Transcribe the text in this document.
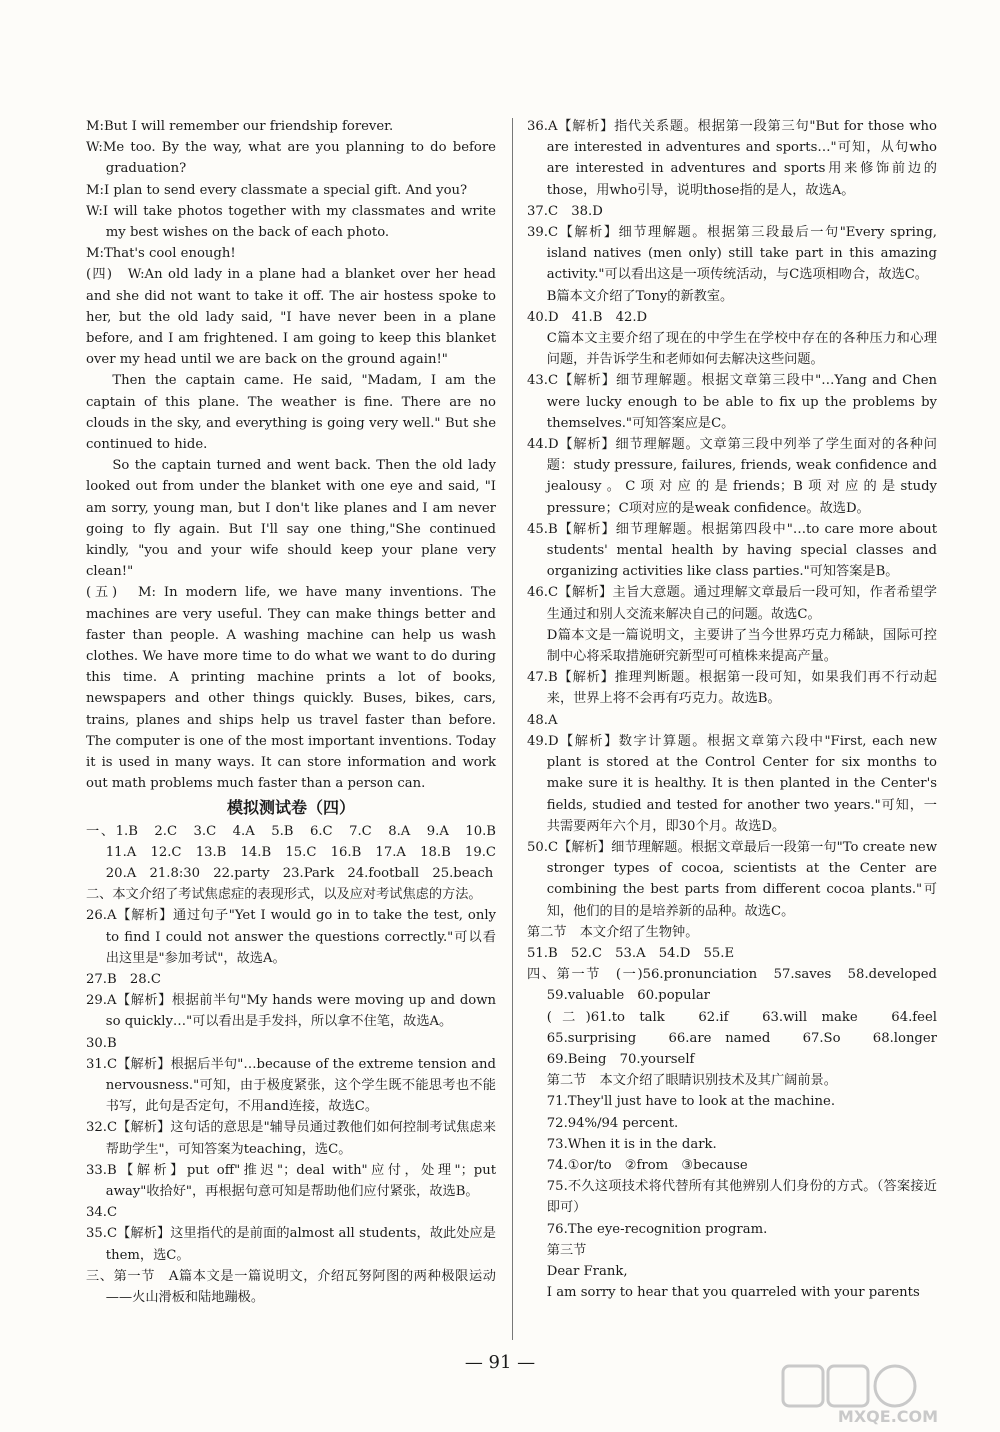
M:But I will remember our friendship forever.

W:Me too. By the way, what are you planning to do before graduation?

M:I plan to send every classmate a special gift. And you?

W:I will take photos together with my classmates and write my best wishes on the back of each photo.

M:That's cool enough!

(四)　W:An old lady in a plane had a blanket over her head and she did not want to take it off. The air hostess spoke to her, but the old lady said, "I have never been in a plane before, and I am frightened. I am going to keep this blanket over my head until we are back on the ground again!"

Then the captain came. He said, "Madam, I am the captain of this plane. The weather is fine. There are no clouds in the sky, and everything is going very well." But she continued to hide.

So the captain turned and went back. Then the old lady looked out from under the blanket with one eye and said, "I am sorry, young man, but I don't like planes and I am never going to fly again. But I'll say one thing,"She continued kindly, "you and your wife should keep your plane very clean!"

(五)　M: In modern life, we have many inventions. The machines are very useful. They can make things better and faster than people. A washing machine can help us wash clothes. We have more time to do what we want to do during this time. A printing machine prints a lot of books, newspapers and other things quickly. Buses, bikes, cars, trains, planes and ships help us travel faster than before. The computer is one of the most important inventions. Today it is used in many ways. It can store information and work out math problems much faster than a person can.

模拟测试卷（四）

一、1.B　2.C　3.C　4.A　5.B　6.C　7.C　8.A　9.A　10.B　11.A　12.C　13.B　14.B　15.C　16.B　17.A　18.B　19.C　20.A　21.8:30　22.party　23.Park　24.football　25.beach

二、本文介绍了考试焦虑症的表现形式，以及应对考试焦虑的方法。

26.A【解析】通过句子"Yet I would go in to take the test, only to find I could not answer the questions correctly."可以看出这里是"参加考试"，故选A。

27.B　28.C

29.A【解析】根据前半句"My hands were moving up and down so quickly…"可以看出是手发抖，所以拿不住笔，故选A。

30.B

31.C【解析】根据后半句"…because of the extreme tension and nervousness."可知，由于极度紧张，这个学生既不能思考也不能书写，此句是否定句，不用and连接，故选C。

32.C【解析】这句话的意思是"辅导员通过教他们如何控制考试焦虑来帮助学生"，可知答案为teaching，选C。

33.B【解析】put off"推迟"；deal with"应付，处理"；put away"收拾好"，再根据句意可知是帮助他们应付紧张，故选B。

34.C

35.C【解析】这里指代的是前面的almost all students，故此处应是them，选C。

三、第一节　A篇本文是一篇说明文，介绍瓦努阿图的两种极限运动——火山滑板和陆地蹦极。

36.A【解析】指代关系题。根据第一段第三句"But for those who are interested in adventures and sports…"可知，从句who are interested in adventures and sports用来修饰前边的those，用who引导，说明those指的是人，故选A。

37.C　38.D

39.C【解析】细节理解题。根据第三段最后一句"Every spring, island natives (men only) still take part in this amazing activity."可以看出这是一项传统活动，与C选项相吻合，故选C。

B篇本文介绍了Tony的新教室。

40.D　41.B　42.D

C篇本文主要介绍了现在的中学生在学校中存在的各种压力和心理问题，并告诉学生和老师如何去解决这些问题。

43.C【解析】细节理解题。根据文章第三段中"…Yang and Chen were lucky enough to be able to fix up the problems by themselves."可知答案应是C。

44.D【解析】细节理解题。文章第三段中列举了学生面对的各种问题：study pressure, failures, friends, weak confidence and jealousy。C项对应的是friends；B项对应的是study pressure；C项对应的是weak confidence。故选D。

45.B【解析】细节理解题。根据第四段中"…to care more about students' mental health by having special classes and organizing activities like class parties."可知答案是B。

46.C【解析】主旨大意题。通过理解文章最后一段可知，作者希望学生通过和别人交流来解决自己的问题。故选C。

D篇本文是一篇说明文，主要讲了当今世界巧克力稀缺，国际可控制中心将采取措施研究新型可可植株来提高产量。

47.B【解析】推理判断题。根据第一段可知，如果我们再不行动起来，世界上将不会再有巧克力。故选B。

48.A

49.D【解析】数字计算题。根据文章第六段中"First, each new plant is stored at the Control Center for six months to make sure it is healthy. It is then planted in the Center's fields, studied and tested for another two years."可知，一共需要两年六个月，即30个月。故选D。

50.C【解析】细节理解题。根据文章最后一段第一句"To create new stronger types of cocoa, scientists at the Center are combining the best parts from different cocoa plants."可知，他们的目的是培养新的品种。故选C。

第二节　本文介绍了生物钟。

51.B　52.C　53.A　54.D　55.E

四、第一节　(一)56.pronunciation　57.saves　58.developed　59.valuable　60.popular

(二)61.to talk　62.if　63.will make　64.feel　65.surprising　66.are named　67.So　68.longer　69.Being　70.yourself

第二节　本文介绍了眼睛识别技术及其广阔前景。

71.They'll just have to look at the machine.

72.94%/94 percent.

73.When it is in the dark.

74.①or/to　②from　③because

75.不久这项技术将代替所有其他辨别人们身份的方式。（答案接近即可）

76.The eye-recognition program.

第三节

Dear Frank,

I am sorry to hear that you quarreled with your parents

— 91 —
MXQE.COM
